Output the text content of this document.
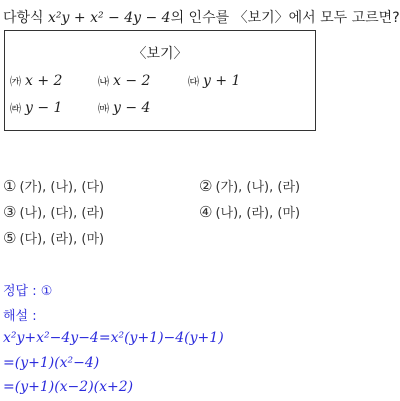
다항식 x²y + x² − 4y − 4의 인수를 〈보기〉에서 모두 고르면?
〈보기〉
㈎ x + 2	㈏ x − 2	㈐ y + 1
㈑ y − 1	㈒ y − 4
① (가), (나), (다)	② (가), (나), (라)
③ (나), (다), (라)	④ (나), (라), (마)
⑤ (다), (라), (마)
정답 : ①
해설 :
x²y+x²−4y−4=x²(y+1)−4(y+1)
=(y+1)(x²−4)
=(y+1)(x−2)(x+2)
